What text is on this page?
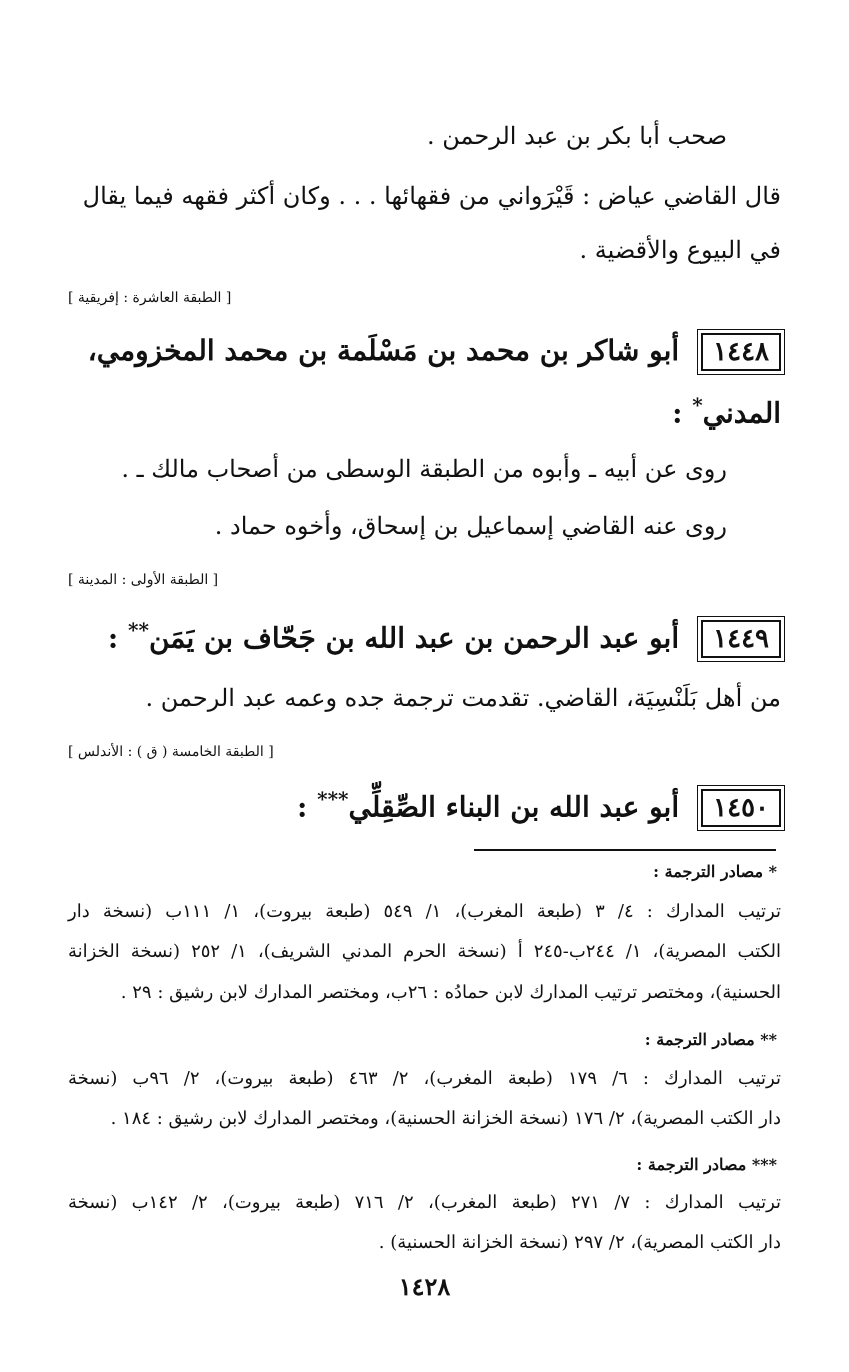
صحب أبا بكر بن عبد الرحمن .
قال القاضي عياض : قَيْرَواني من فقهائها . . . وكان أكثر فقهه فيما يقال
في البيوع والأقضية .
[ الطبقة العاشرة : إفريقية ]
١٤٤٨أبو شاكر بن محمد بن مَسْلَمة بن محمد المخزومي،
المدني* :
روى عن أبيه ـ وأبوه من الطبقة الوسطى من أصحاب مالك ـ .
روى عنه القاضي إسماعيل بن إسحاق، وأخوه حماد .
[ الطبقة الأولى : المدينة ]
١٤٤٩أبو عبد الرحمن بن عبد الله بن جَحّاف بن يَمَن** :
من أهل بَلَنْسِيَة، القاضي. تقدمت ترجمة جده وعمه عبد الرحمن .
[ الطبقة الخامسة ( ق ) : الأندلس ]
١٤٥٠أبو عبد الله بن البناء الصِّقِلِّي*** :
* مصادر الترجمة :
ترتيب المدارك : ٤/ ٣ (طبعة المغرب)، ١/ ٥٤٩ (طبعة بيروت)، ١/ ١١١ب (نسخة دار
الكتب المصرية)، ١/ ٢٤٤ب-٢٤٥ أ (نسخة الحرم المدني الشريف)، ١/ ٢٥٢ (نسخة الخزانة
الحسنية)، ومختصر ترتيب المدارك لابن حمادُه : ٢٦ب، ومختصر المدارك لابن رشيق : ٢٩ .
** مصادر الترجمة :
ترتيب المدارك : ٦/ ١٧٩ (طبعة المغرب)، ٢/ ٤٦٣ (طبعة بيروت)، ٢/ ٩٦ب (نسخة
دار الكتب المصرية)، ٢/ ١٧٦ (نسخة الخزانة الحسنية)، ومختصر المدارك لابن رشيق : ١٨٤ .
*** مصادر الترجمة :
ترتيب المدارك : ٧/ ٢٧١ (طبعة المغرب)، ٢/ ٧١٦ (طبعة بيروت)، ٢/ ١٤٢ب (نسخة
دار الكتب المصرية)، ٢/ ٢٩٧ (نسخة الخزانة الحسنية) .
١٤٢٨
